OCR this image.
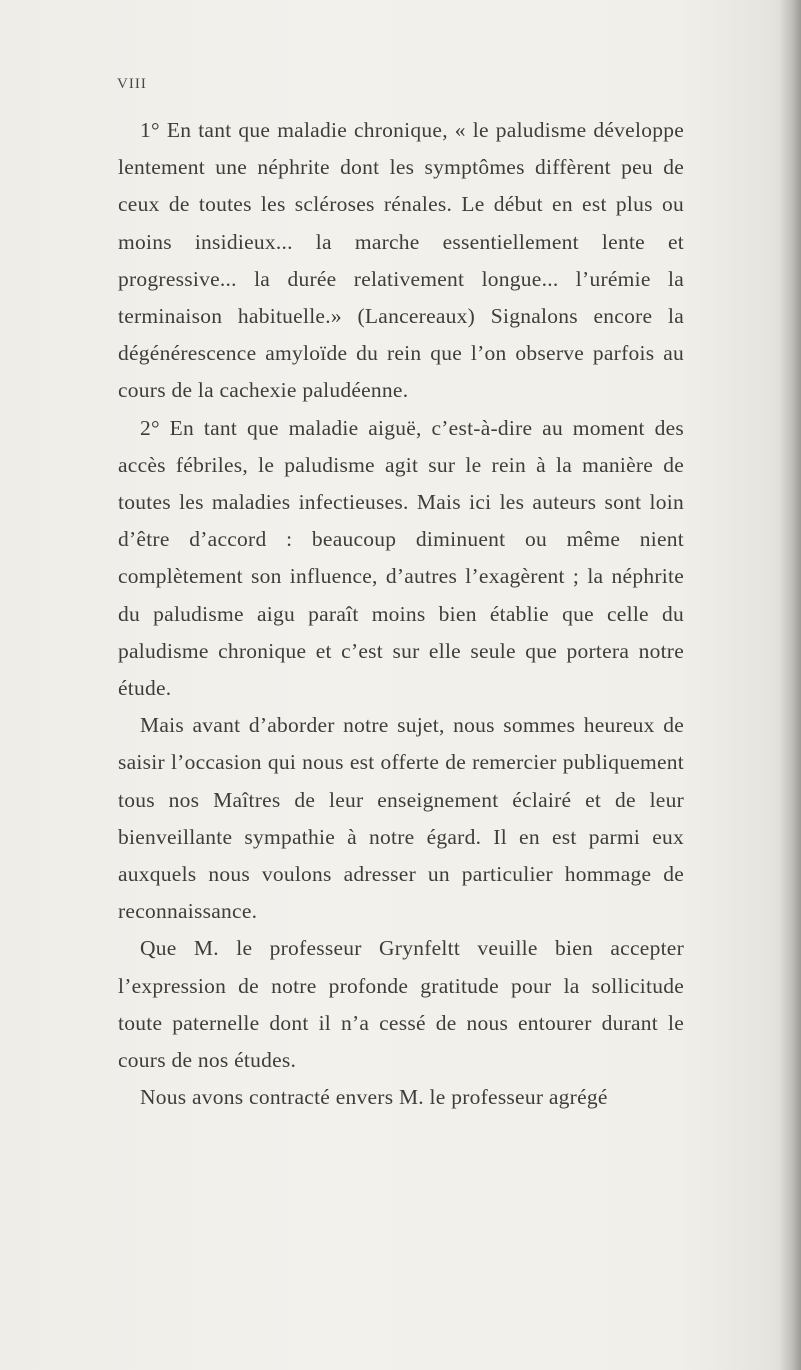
VIII

1° En tant que maladie chronique, « le paludisme développe lentement une néphrite dont les symptômes diffèrent peu de ceux de toutes les scléroses rénales. Le début en est plus ou moins insidieux... la marche essentiellement lente et progressive... la durée relativement longue... l’urémie la terminaison habituelle.» (Lancereaux) Signalons encore la dégénérescence amyloïde du rein que l’on observe parfois au cours de la cachexie paludéenne.

2° En tant que maladie aiguë, c’est-à-dire au moment des accès fébriles, le paludisme agit sur le rein à la manière de toutes les maladies infectieuses. Mais ici les auteurs sont loin d’être d’accord : beaucoup diminuent ou même nient complètement son influence, d’autres l’exagèrent ; la néphrite du paludisme aigu paraît moins bien établie que celle du paludisme chronique et c’est sur elle seule que portera notre étude.

Mais avant d’aborder notre sujet, nous sommes heureux de saisir l’occasion qui nous est offerte de remercier publiquement tous nos Maîtres de leur enseignement éclairé et de leur bienveillante sympathie à notre égard. Il en est parmi eux auxquels nous voulons adresser un particulier hommage de reconnaissance.

Que M. le professeur Grynfeltt veuille bien accepter l’expression de notre profonde gratitude pour la sollicitude toute paternelle dont il n’a cessé de nous entourer durant le cours de nos études.

Nous avons contracté envers M. le professeur agrégé
